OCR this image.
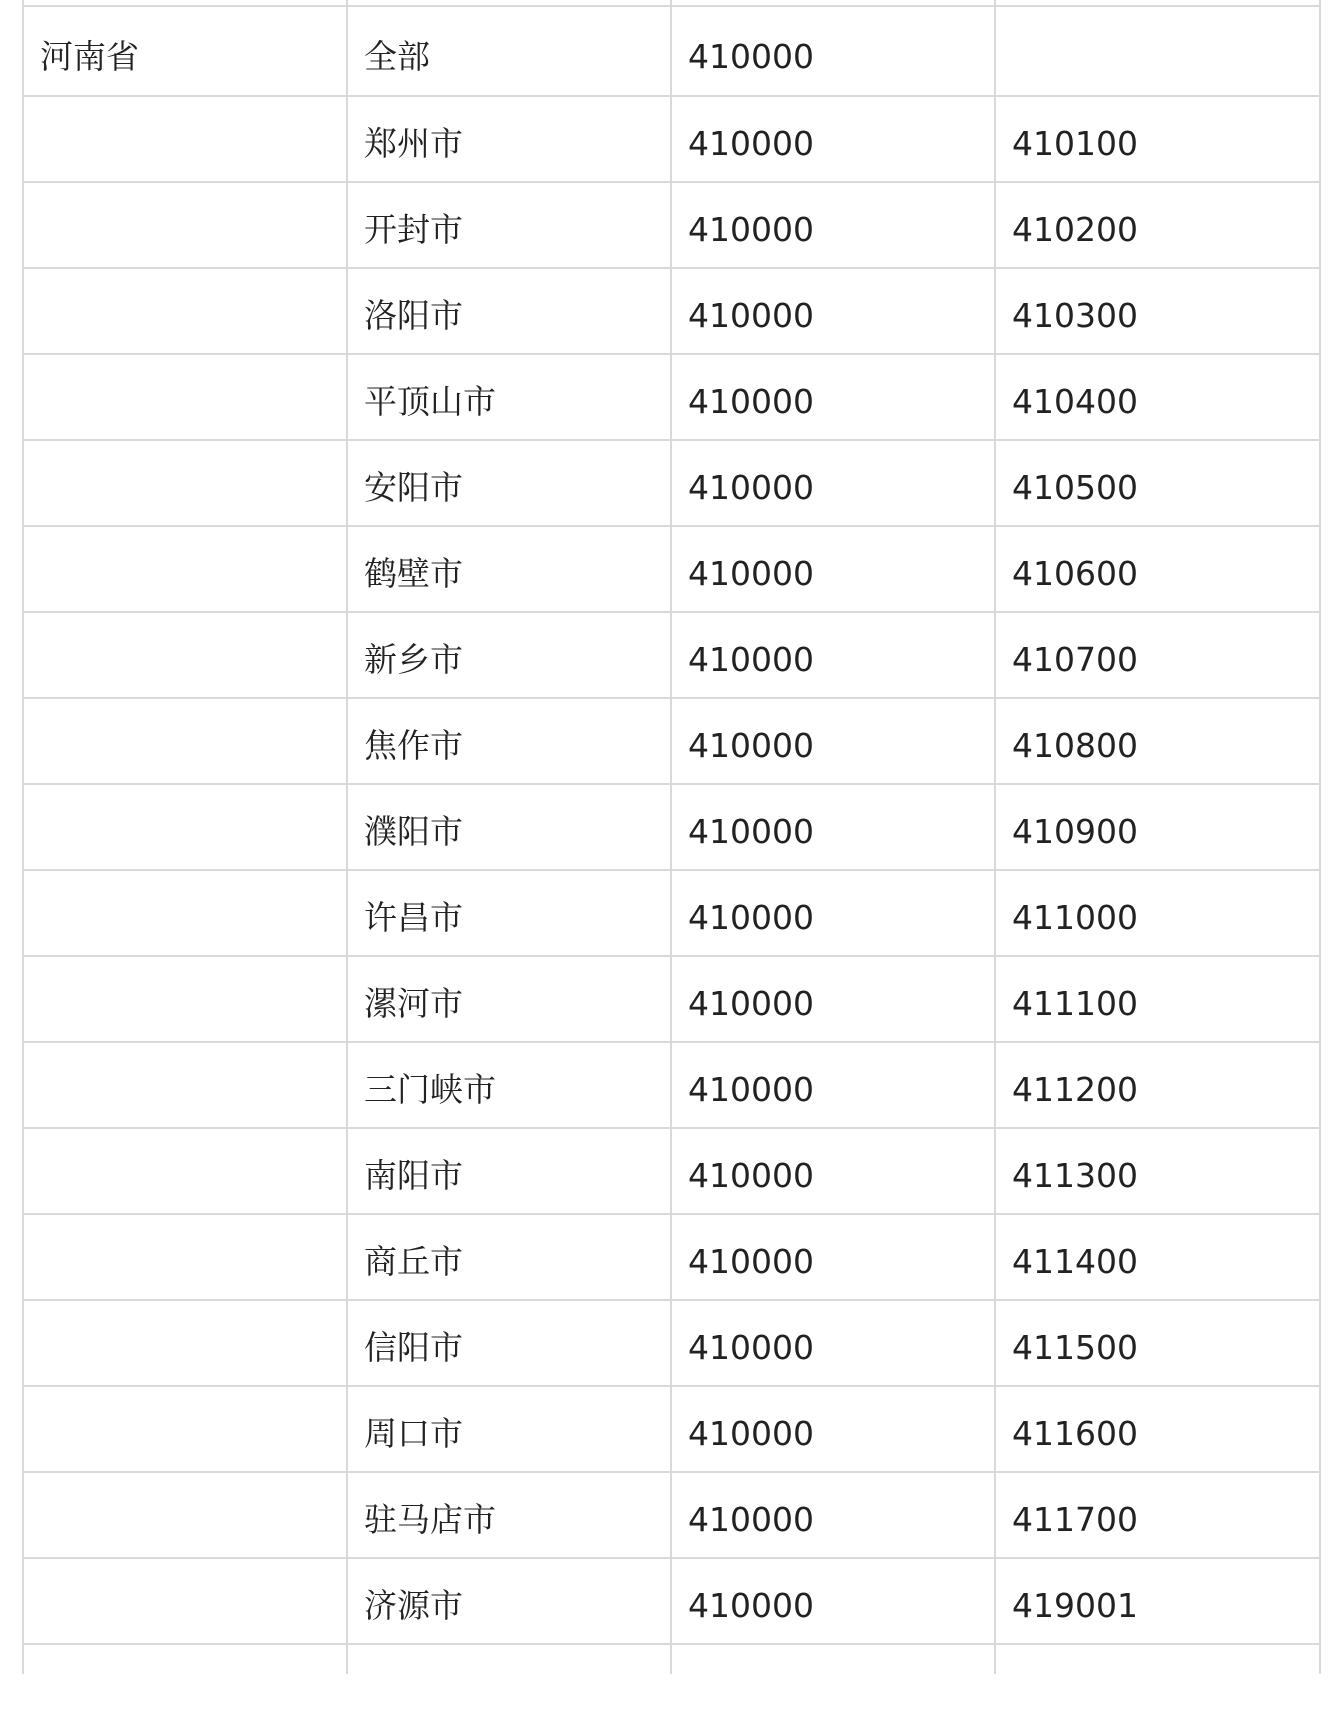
河南省	全部	410000	
	郑州市	410000	410100
	开封市	410000	410200
	洛阳市	410000	410300
	平顶山市	410000	410400
	安阳市	410000	410500
	鹤壁市	410000	410600
	新乡市	410000	410700
	焦作市	410000	410800
	濮阳市	410000	410900
	许昌市	410000	411000
	漯河市	410000	411100
	三门峡市	410000	411200
	南阳市	410000	411300
	商丘市	410000	411400
	信阳市	410000	411500
	周口市	410000	411600
	驻马店市	410000	411700
	济源市	410000	419001
